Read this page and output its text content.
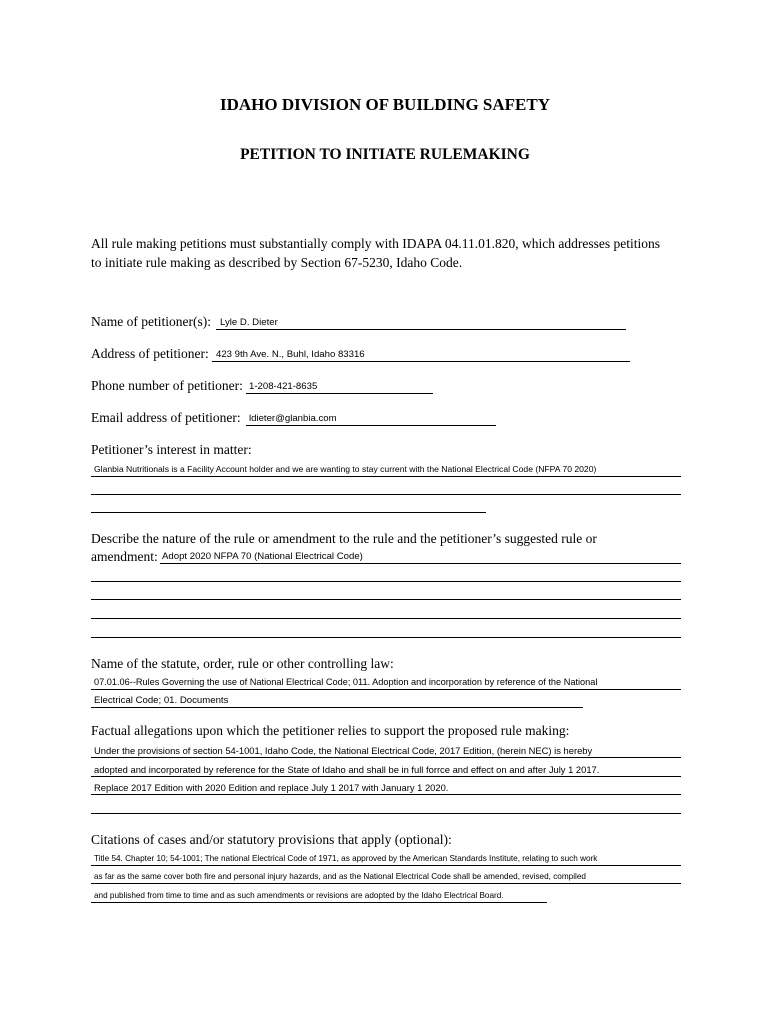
IDAHO DIVISION OF BUILDING SAFETY
PETITION TO INITIATE RULEMAKING
All rule making petitions must substantially comply with IDAPA 04.11.01.820, which addresses petitions
to initiate rule making as described by Section 67-5230, Idaho Code.
Name of petitioner(s): Lyle D. Dieter
Address of petitioner: 423 9th Ave. N., Buhl, Idaho 83316
Phone number of petitioner: 1-208-421-8635
Email address of petitioner: ldieter@glanbia.com
Petitioner’s interest in matter:
Glanbia Nutritionals is a Facility Account holder and we are wanting to stay current with the National Electrical Code (NFPA 70 2020)
Describe the nature of the rule or amendment to the rule and the petitioner’s suggested rule or
amendment: Adopt 2020 NFPA 70 (National Electrical Code)
Name of the statute, order, rule or other controlling law:
07.01.06--Rules Governing the use of National Electrical Code; 011. Adoption and incorporation by reference of the National
Electrical Code; 01. Documents
Factual allegations upon which the petitioner relies to support the proposed rule making:
Under the provisions of section 54-1001, Idaho Code, the National Electrical Code, 2017 Edition, (herein NEC) is hereby
adopted and incorporated by reference for the State of Idaho and shall be in full forrce and effect on and after July 1 2017.
Replace 2017 Edition with 2020 Edition and replace July 1 2017 with January 1 2020.
Citations of cases and/or statutory provisions that apply (optional):
Title 54. Chapter 10; 54-1001; The national Electrical Code of 1971, as approved by the American Standards Institute, relating to such work
as far as the same cover both fire and personal injury hazards, and as the National Electrical Code shall be amended, revised, compiled
and published from time to time and as such amendments or revisions are adopted by the Idaho Electrical Board.
